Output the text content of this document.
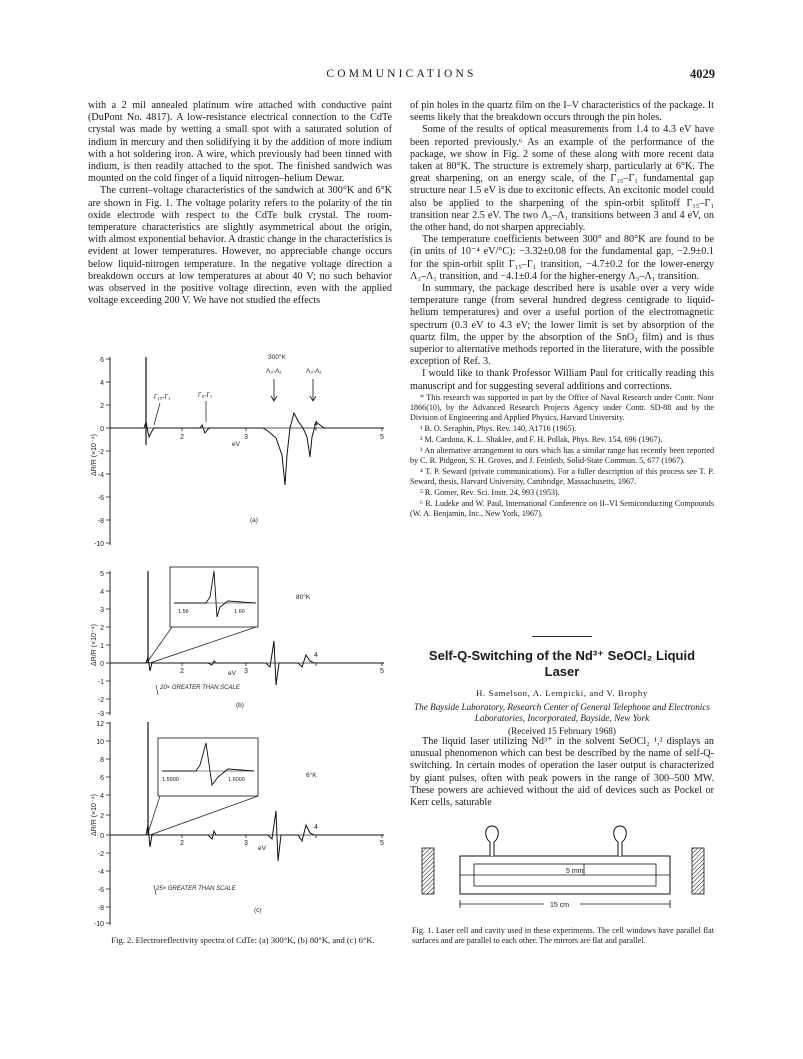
COMMUNICATIONS	4029

with a 2 mil annealed platinum wire attached with conductive paint (DuPont No. 4817). A low-resistance electrical connection to the CdTe crystal was made by wetting a small spot with a saturated solution of indium in mercury and then solidifying it by the addition of more indium with a hot soldering iron. A wire, which previously had been tinned with indium, is then readily attached to the spot. The finished sandwich was mounted on the cold finger of a liquid nitrogen–helium Dewar.

The current–voltage characteristics of the sandwich at 300°K and 6°K are shown in Fig. 1. The voltage polarity refers to the polarity of the tin oxide electrode with respect to the CdTe bulk crystal. The room-temperature characteristics are slightly asymmetrical about the origin, with almost exponential behavior. A drastic change in the characteristics is evident at lower temperatures. However, no appreciable change occurs below liquid-nitrogen temperature. In the negative voltage direction a breakdown occurs at low temperatures at about 40 V; no such behavior was observed in the positive voltage direction, even with the applied voltage exceeding 200 V. We have not studied the effects

6
4
2
0
-2
-4
-6
-8
-10
ΔR/R (×10⁻⁴)	2	3
4
5
eV
300°K
Λ₃-Λ₁	Λ₃-Λ₁
Γ₁₅-Γ₁	Γ₈-Γ₁
(a)
5
4
3
2
1
0
-1
-2
-3
ΔR/R (×10⁻⁴)
2	3
4
5
eV
1.56	1.60
80°K
20× GREATER THAN SCALE
(b)
12
10
8
6
4
2
0
-2
-4
-6
-8
-10
ΔR/R (×10⁻⁴)
2	3
4
5
eV
1.5900	1.6000
6°K
25× GREATER THAN SCALE
(c)
Fig. 2. Electroreflectivity spectra of CdTe: (a) 300°K, (b) 80°K, and (c) 6°K.

of pin holes in the quartz film on the I–V characteristics of the package. It seems likely that the breakdown occurs through the pin holes.

Some of the results of optical measurements from 1.4 to 4.3 eV have been reported previously.⁶ As an example of the performance of the package, we show in Fig. 2 some of these along with more recent data taken at 80°K. The structure is extremely sharp, particularly at 6°K. The great sharpening, on an energy scale, of the Γ₁₅–Γ₁ fundamental gap structure near 1.5 eV is due to excitonic effects. An excitonic model could also be applied to the sharpening of the spin-orbit splitoff Γ₁₅–Γ₁ transition near 2.5 eV. The two Λ₃–Λ₁ transitions between 3 and 4 eV, on the other hand, do not sharpen appreciably.

The temperature coefficients between 300° and 80°K are found to be (in units of 10⁻⁴ eV/°C): −3.32±0.08 for the fundamental gap, −2.9±0.1 for the spin-orbit split Γ₁₅–Γ₁ transition, −4.7±0.2 for the lower-energy Λ₃–Λ₁ transition, and −4.1±0.4 for the higher-energy Λ₃–Λ₁ transition.

In summary, the package described here is usable over a very wide temperature range (from several hundred degress centigrade to liquid-helium temperatures) and over a useful portion of the electromagnetic spectrum (0.3 eV to 4.3 eV; the lower limit is set by absorption of the quartz film, the upper by the absorption of the SnO₂ film) and is thus superior to alternative methods reported in the literature, with the possible exception of Ref. 3.

I would like to thank Professor William Paul for critically reading this manuscript and for suggesting several additions and corrections.

* This research was supported in part by the Office of Naval Research under Contr. Nonr 1866(10), by the Advanced Research Projects Agency under Contr. SD-88 and by the Division of Engineering and Applied Physics, Harvard University.

¹ B. O. Seraphin, Phys. Rev. 140, A1716 (1965).

² M. Cardona, K. L. Shaklee, and F. H. Pollak, Phys. Rev. 154, 696 (1967).

³ An alternative arrangement to ours which has a similar range has recently been reported by C. R. Pidgeon, S. H. Groves, and J. Feinleib, Solid-State Commun. 5, 677 (1967).

⁴ T. P. Seward (private communications). For a fuller description of this process see T. P. Seward, thesis, Harvard University, Cambridge, Massachusetts, 1967.

⁵ R. Gomer, Rev. Sci. Instr. 24, 993 (1953).

⁶ R. Ludeke and W. Paul, International Conference on II–VI Semiconducting Compounds (W. A. Benjamin, Inc., New York, 1967).

Self-Q-Switching of the Nd³⁺ SeOCl₂ Liquid Laser

H. Samelson, A. Lempicki, and V. Brophy

The Bayside Laboratory, Research Center of General Telephone and Electronics Laboratories, Incorporated, Bayside, New York

(Received 15 February 1968)

The liquid laser utilizing Nd³⁺ in the solvent SeOCl₂ ¹,² displays an unusual phenomenon which can best be described by the name of self-Q-switching. In certain modes of operation the laser output is characterized by giant pulses, often with peak powers in the range of 300–500 MW. These powers are achieved without the aid of devices such as Pockel or Kerr cells, saturable

5 mm
15 cm
Fig. 1. Laser cell and cavity used in these experiments. The cell windows have parallel flat surfaces and are parallel to each other. The mirrors are flat and parallel.
